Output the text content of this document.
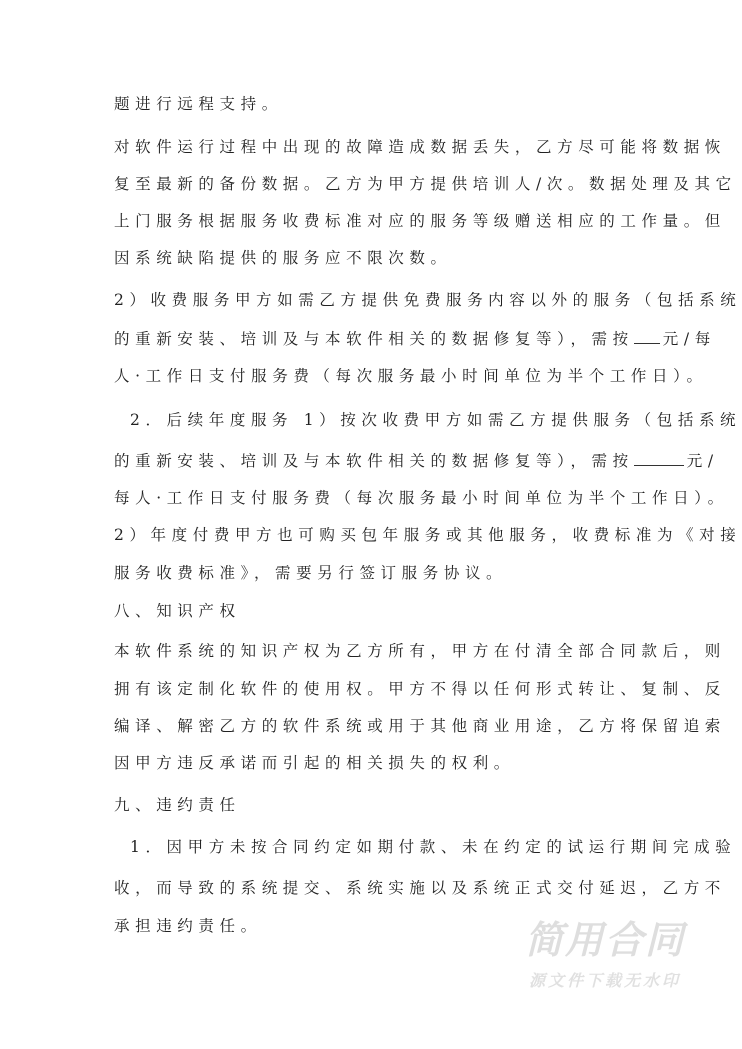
题进行远程支持。
对软件运行过程中出现的故障造成数据丢失，乙方尽可能将数据恢
复至最新的备份数据。乙方为甲方提供培训人/次。数据处理及其它
上门服务根据服务收费标准对应的服务等级赠送相应的工作量。但
因系统缺陷提供的服务应不限次数。
2）收费服务甲方如需乙方提供免费服务内容以外的服务（包括系统
的重新安装、培训及与本软件相关的数据修复等），需按 元/每
人·工作日支付服务费（每次服务最小时间单位为半个工作日）。
2．后续年度服务 1）按次收费甲方如需乙方提供服务（包括系统
的重新安装、培训及与本软件相关的数据修复等），需按	元/
每人·工作日支付服务费（每次服务最小时间单位为半个工作日）。
2）年度付费甲方也可购买包年服务或其他服务，收费标准为《对接
服务收费标准》，需要另行签订服务协议。
八、知识产权
本软件系统的知识产权为乙方所有，甲方在付清全部合同款后，则
拥有该定制化软件的使用权。甲方不得以任何形式转让、复制、反
编译、解密乙方的软件系统或用于其他商业用途，乙方将保留追索
因甲方违反承诺而引起的相关损失的权利。
九、违约责任
1．因甲方未按合同约定如期付款、未在约定的试运行期间完成验
收，而导致的系统提交、系统实施以及系统正式交付延迟，乙方不
承担违约责任。	简用合同
源文件下载无水印
